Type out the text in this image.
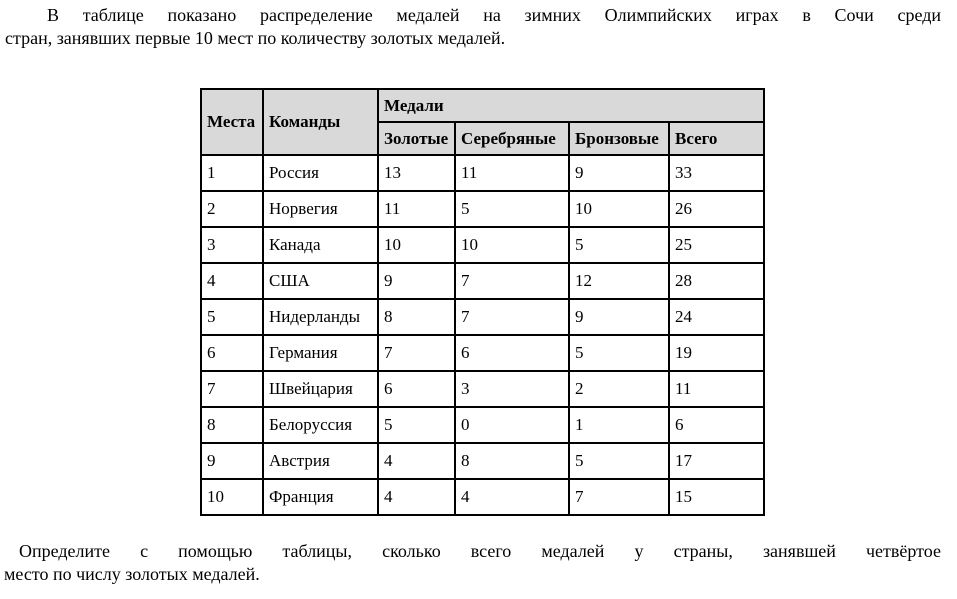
В таблице показано распределение медалей на зимних Олимпийских играх в Сочи среди
стран, занявших первые 10 мест по количеству золотых медалей.
Места	Команды	Медали			
		Золотые	Серебряные	Бронзовые	Всего
1	Россия	13	11	9	33
2	Норвегия	11	5	10	26
3	Канада	10	10	5	25
4	США	9	7	12	28
5	Нидерланды	8	7	9	24
6	Германия	7	6	5	19
7	Швейцария	6	3	2	11
8	Белоруссия	5	0	1	6
9	Австрия	4	8	5	17
10	Франция	4	4	7	15
Определите с помощью таблицы, сколько всего медалей у страны, занявшей четвёртое
место по числу золотых медалей.
